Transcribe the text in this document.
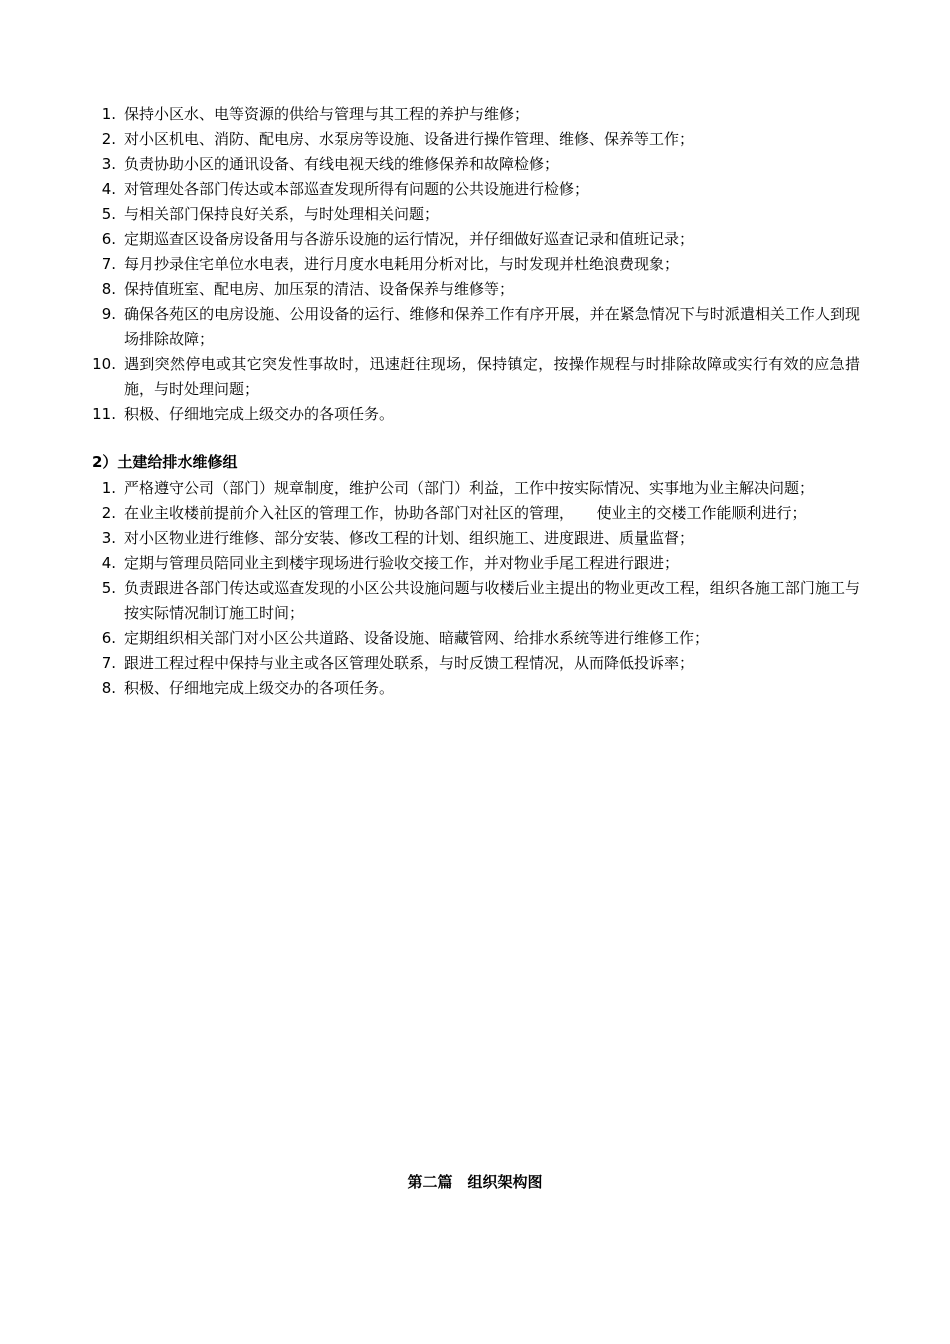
1. 保持小区水、电等资源的供给与管理与其工程的养护与维修；
2. 对小区机电、消防、配电房、水泵房等设施、设备进行操作管理、维修、保养等工作；
3. 负责协助小区的通讯设备、有线电视天线的维修保养和故障检修；
4. 对管理处各部门传达或本部巡查发现所得有问题的公共设施进行检修；
5. 与相关部门保持良好关系，与时处理相关问题；
6. 定期巡查区设备房设备用与各游乐设施的运行情况，并仔细做好巡查记录和值班记录；
7. 每月抄录住宅单位水电表，进行月度水电耗用分析对比，与时发现并杜绝浪费现象；
8. 保持值班室、配电房、加压泵的清洁、设备保养与维修等；
9. 确保各苑区的电房设施、公用设备的运行、维修和保养工作有序开展，并在紧急情况下与时派遣相关工作人到现场排除故障；
10. 遇到突然停电或其它突发性事故时，迅速赶往现场，保持镇定，按操作规程与时排除故障或实行有效的应急措施，与时处理问题；
11. 积极、仔细地完成上级交办的各项任务。
2）土建给排水维修组
1. 严格遵守公司（部门）规章制度，维护公司（部门）利益，工作中按实际情况、实事地为业主解决问题；
2. 在业主收楼前提前介入社区的管理工作，协助各部门对社区的管理，　　使业主的交楼工作能顺利进行；
3. 对小区物业进行维修、部分安装、修改工程的计划、组织施工、进度跟进、质量监督；
4. 定期与管理员陪同业主到楼宇现场进行验收交接工作，并对物业手尾工程进行跟进；
5. 负责跟进各部门传达或巡查发现的小区公共设施问题与收楼后业主提出的物业更改工程，组织各施工部门施工与按实际情况制订施工时间；
6. 定期组织相关部门对小区公共道路、设备设施、暗藏管网、给排水系统等进行维修工作；
7. 跟进工程过程中保持与业主或各区管理处联系，与时反馈工程情况，从而降低投诉率；
8. 积极、仔细地完成上级交办的各项任务。
第二篇　组织架构图
